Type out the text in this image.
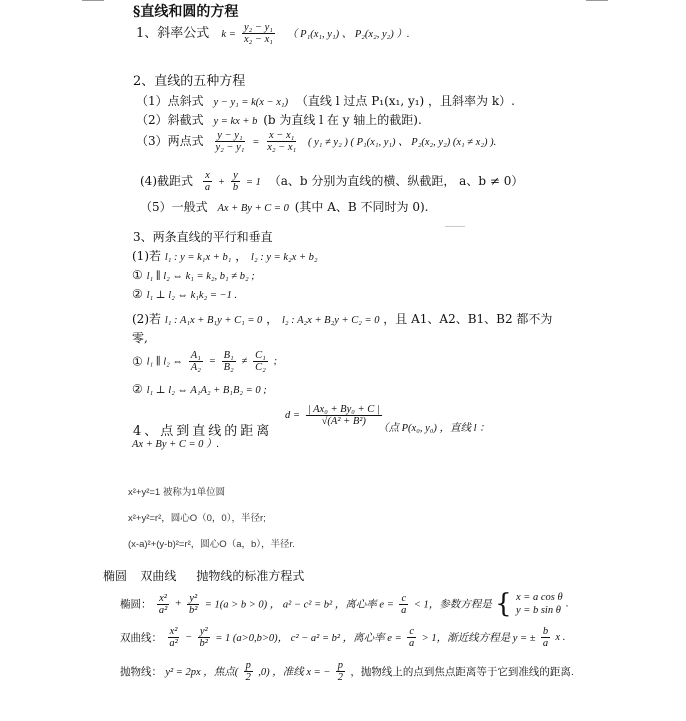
§直线和圆的方程
1、斜率公式 $k = \frac{\text{y₂ − y₁}}{\text{x₂ − x₁}}$ （ P₁(x₁, y₁) 、 P₂(x₂, y₂) ）.
2、直线的五种方程
（1）点斜式 y − y₁ = k(x − x₁) （直线 l 过点 P₁(x₁, y₁) ，且斜率为 k）.
（2）斜截式 y = kx + b (b 为直线 l 在 y 轴上的截距).
（3）两点式 $\frac{\text{y − y₁}}{\text{y₂ − y₁}} = \frac{\text{x − x₁}}{\text{x₂ − x₁}}$ ( y₁ ≠ y₂ ) ( P₁(x₁, y₁) 、 P₂(x₂, y₂) (x₁ ≠ x₂) ).
(4)截距式 $\frac{x}{a} + \frac{y}{b} = 1$ （a、b 分别为直线的横、纵截距， a、b ≠ 0）
（5）一般式 Ax + By + C = 0 (其中 A、B 不同时为 0).
3、两条直线的平行和垂直
(1)若 l₁ : y = k₁x + b₁ ， l₂ : y = k₂x + b₂
① l₁ ∥ l₂ ⇔ k₁ = k₂, b₁ ≠ b₂ ;
② l₁ ⊥ l₂ ⇔ k₁k₂ = −1 .
(2)若 l₁ : A₁x + B₁y + C₁ = 0 ， l₂ : A₂x + B₂y + C₂ = 0 ，且 A1、A2、B1、B2 都不为
零,
① l₁ ∥ l₂ ⇔ $\frac{\text{A₁}}{\text{A₂}} = \frac{\text{B₁}}{\text{B₂}} \ne \frac{\text{C₁}}{\text{C₂}}$ ;
② l₁ ⊥ l₂ ⇔ A₁A₂ + B₁B₂ = 0 ;
4、点到直线的距离
$d = \frac{\text{| Ax₀ + By₀ + C |}}{\text{√(A² + B²)}}$
（点 P(x₀, y₀) ，直线 l ：
Ax + By + C = 0 ）.
x²+y²=1 被称为1单位圆
x²+y²=r²，圆心O（0，0），半径r;
(x-a)²+(y-b)²=r²，圆心O（a，b），半径r.
椭圆    双曲线      抛物线的标准方程式
椭圆： $\frac{\text{x²}}{\text{a²}} + \frac{\text{y²}}{\text{b²}} = 1(a > b > 0)$ ， a² − c² = b² ，离心率 $e = \frac{c}{a} < 1$，参数方程是 { x = a cos θ
y = b sin θ
.
双曲线： $\frac{\text{x²}}{\text{a²}} - \frac{\text{y²}}{\text{b²}} = 1$ (a>0,b>0)， c² − a² = b² ，离心率 $e = \frac{c}{a} > 1$，渐近线方程是 y = ± $\frac{b}{a}$ x .
抛物线： y² = 2px ，焦点( $\frac{p}{2} ,0$) ，准线 x = − $\frac{p}{2}$ ，抛物线上的点到焦点距离等于它到准线的距离.
